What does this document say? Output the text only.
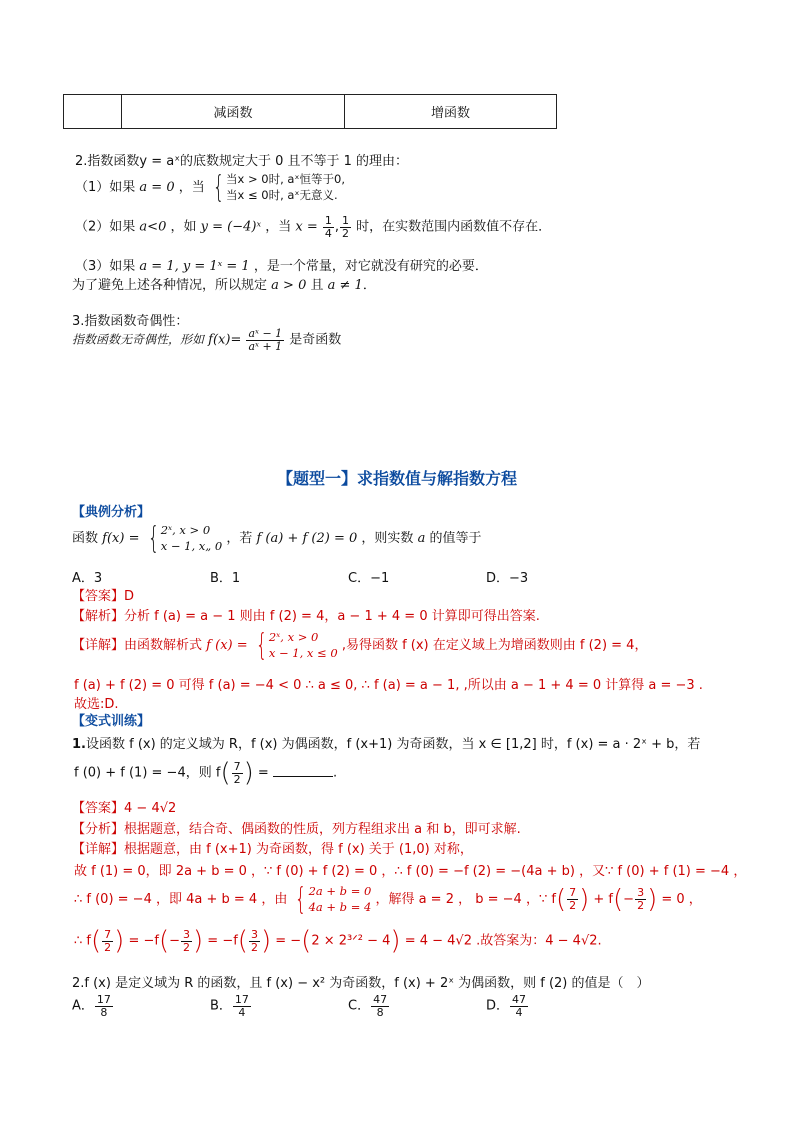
减函数	增函数
2.指数函数y = aˣ的底数规定大于 0 且不等于 1 的理由：
（1）如果 a = 0 ，当 { 当x > 0时, aˣ恒等于0,
当x ≤ 0时, aˣ无意义.
（2）如果 a<0 ，如 y = (−4)ˣ ，当 $x = \frac{1}{4}$ , $\frac{1}{2}$ 时，在实数范围内函数值不存在．
（3）如果 a = 1, y = 1ˣ = 1 ，是一个常量，对它就没有研究的必要．
为了避免上述各种情况，所以规定 a > 0 且 a ≠ 1．
3.指数函数奇偶性：
指数函数无奇偶性，形如 $f(x)= \frac{\text{aˣ − 1}}{\text{aˣ + 1}}$ 是奇函数
【题型一】求指数值与解指数方程
【典例分析】
函数 f(x) = { 2ˣ, x > 0
x − 1, x„ 0 ，若 f (a) + f (2) = 0 ，则实数 a 的值等于
A．3	B．1	C．−1	D．−3
【答案】D
【解析】分析 f (a) = a − 1 则由 f (2) = 4，a − 1 + 4 = 0 计算即可得出答案.
【详解】由函数解析式 f (x) = { 2ˣ, x > 0
x − 1, x ≤ 0 ,易得函数 f (x) 在定义域上为增函数则由 f (2) = 4，
f (a) + f (2) = 0 可得 f (a) = −4 < 0 ∴ a ≤ 0, ∴ f (a) = a − 1, ,所以由 a − 1 + 4 = 0 计算得 a = −3 .
故选:D.
【变式训练】
1.设函数 f (x) 的定义域为 R，f (x) 为偶函数，f (x+1) 为奇函数，当 x ∈ [1,2] 时，f (x) = a · 2ˣ + b，若
f (0) + f (1) = −4，则 $f( \frac{7}{2}$ ) =	.
【答案】4 − 4√2
【分析】根据题意，结合奇、偶函数的性质，列方程组求出 a 和 b，即可求解.
【详解】根据题意，由 f (x+1) 为奇函数，得 f (x) 关于 (1,0) 对称，
故 f (1) = 0，即 2a + b = 0 ，∵ f (0) + f (2) = 0 ，∴ f (0) = −f (2) = −(4a + b) ，又∵ f (0) + f (1) = −4 ，
∴ f (0) = −4 ，即 4a + b = 4 ，由 { 2a + b = 0
4a + b = 4 ，解得 a = 2 ， b = −4 ，∵ $f( \frac{7}{2}$ ) + $f(- \frac{3}{2}$ ) = 0 ，
∴ $f( \frac{7}{2}$ ) = $-f(- \frac{3}{2}$ ) = $-f( \frac{3}{2}$ ) = −(2 × 2³ᐟ² − 4) = 4 − 4√2 .故答案为：4 − 4√2.
2.f (x) 是定义域为 R 的函数，且 f (x) − x² 为奇函数，f (x) + 2ˣ 为偶函数，则 f (2) 的值是（　）
A． $\frac{17}{8}$	B． $\frac{17}{4}$	C． $\frac{47}{8}$	D． $\frac{47}{4}$
